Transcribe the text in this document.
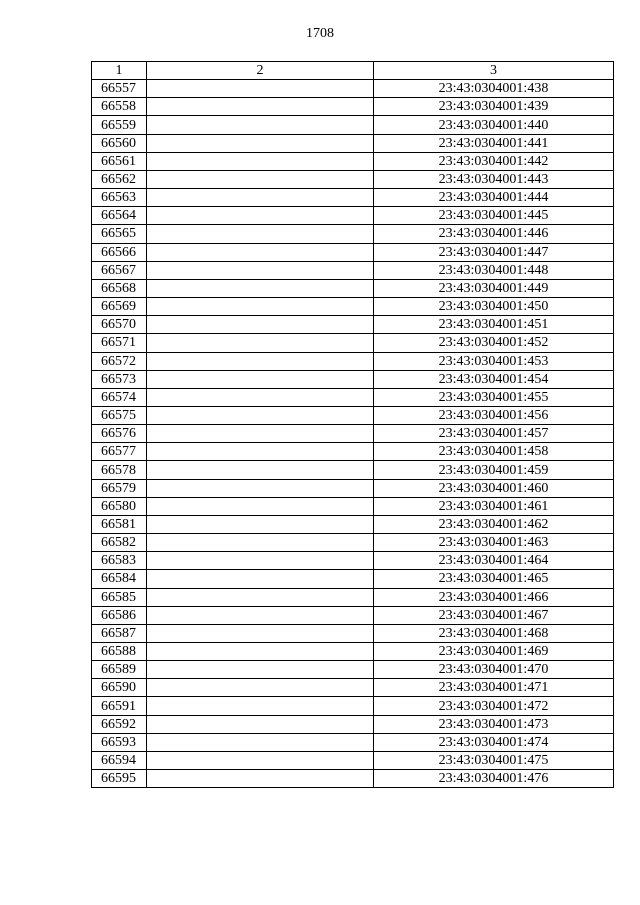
1708
1	2	3
66557		23:43:0304001:438
66558		23:43:0304001:439
66559		23:43:0304001:440
66560		23:43:0304001:441
66561		23:43:0304001:442
66562		23:43:0304001:443
66563		23:43:0304001:444
66564		23:43:0304001:445
66565		23:43:0304001:446
66566		23:43:0304001:447
66567		23:43:0304001:448
66568		23:43:0304001:449
66569		23:43:0304001:450
66570		23:43:0304001:451
66571		23:43:0304001:452
66572		23:43:0304001:453
66573		23:43:0304001:454
66574		23:43:0304001:455
66575		23:43:0304001:456
66576		23:43:0304001:457
66577		23:43:0304001:458
66578		23:43:0304001:459
66579		23:43:0304001:460
66580		23:43:0304001:461
66581		23:43:0304001:462
66582		23:43:0304001:463
66583		23:43:0304001:464
66584		23:43:0304001:465
66585		23:43:0304001:466
66586		23:43:0304001:467
66587		23:43:0304001:468
66588		23:43:0304001:469
66589		23:43:0304001:470
66590		23:43:0304001:471
66591		23:43:0304001:472
66592		23:43:0304001:473
66593		23:43:0304001:474
66594		23:43:0304001:475
66595		23:43:0304001:476
